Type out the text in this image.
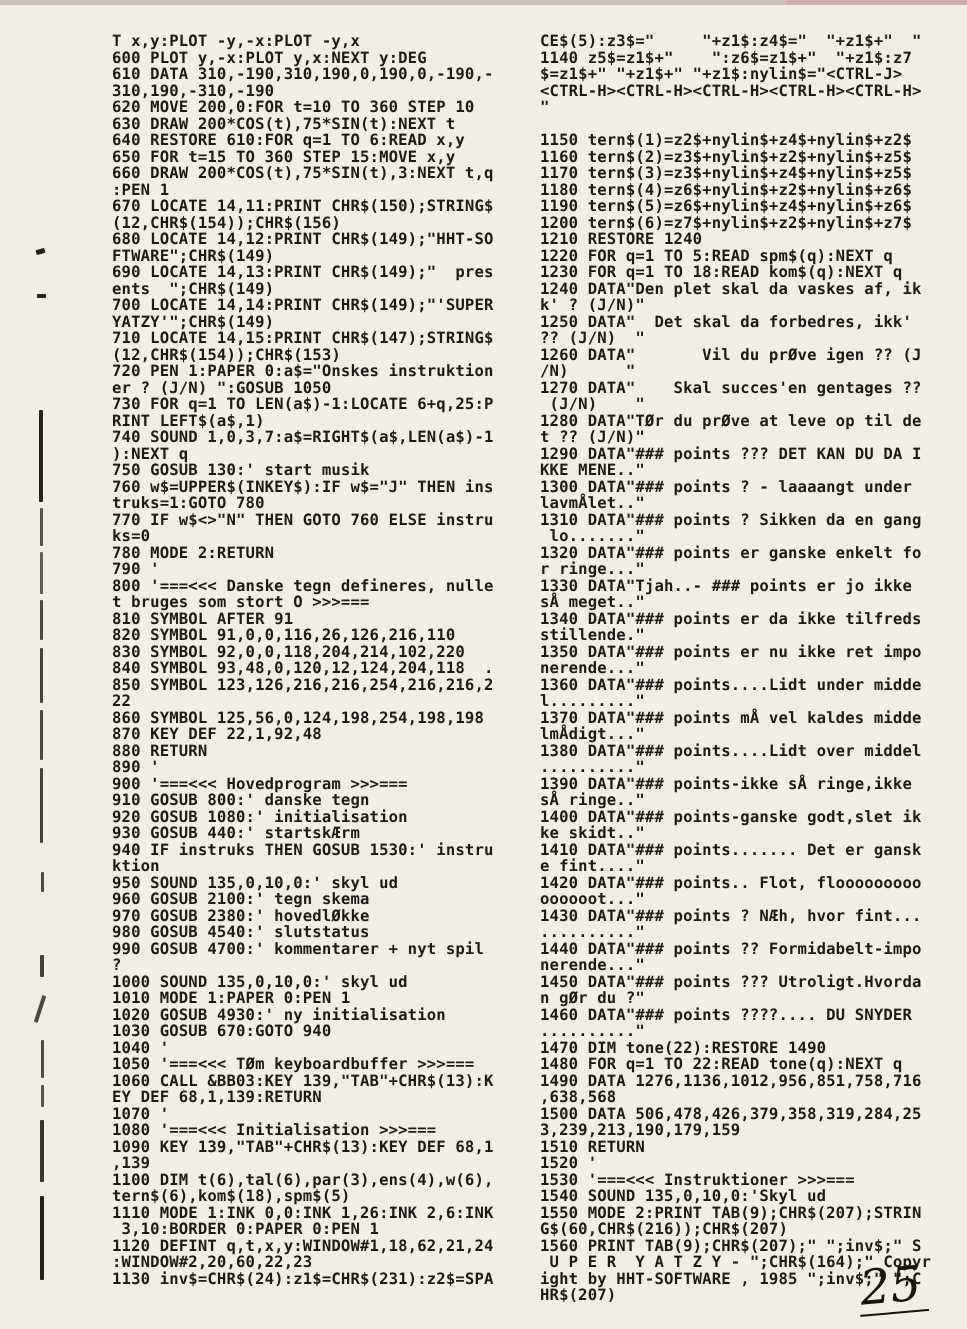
T x,y:PLOT -y,-x:PLOT -y,x
600 PLOT y,-x:PLOT y,x:NEXT y:DEG
610 DATA 310,-190,310,190,0,190,0,-190,-
310,190,-310,-190
620 MOVE 200,0:FOR t=10 TO 360 STEP 10
630 DRAW 200*COS(t),75*SIN(t):NEXT t
640 RESTORE 610:FOR q=1 TO 6:READ x,y
650 FOR t=15 TO 360 STEP 15:MOVE x,y
660 DRAW 200*COS(t),75*SIN(t),3:NEXT t,q
:PEN 1
670 LOCATE 14,11:PRINT CHR$(150);STRING$
(12,CHR$(154));CHR$(156)
680 LOCATE 14,12:PRINT CHR$(149);"HHT-SO
FTWARE";CHR$(149)
690 LOCATE 14,13:PRINT CHR$(149);"  pres
ents  ";CHR$(149)
700 LOCATE 14,14:PRINT CHR$(149);"'SUPER
YATZY'";CHR$(149)
710 LOCATE 14,15:PRINT CHR$(147);STRING$
(12,CHR$(154));CHR$(153)
720 PEN 1:PAPER 0:a$="Onskes instruktion
er ? (J/N) ":GOSUB 1050
730 FOR q=1 TO LEN(a$)-1:LOCATE 6+q,25:P
RINT LEFT$(a$,1)
740 SOUND 1,0,3,7:a$=RIGHT$(a$,LEN(a$)-1
):NEXT q
750 GOSUB 130:' start musik
760 w$=UPPER$(INKEY$):IF w$="J" THEN ins
truks=1:GOTO 780
770 IF w$<>"N" THEN GOTO 760 ELSE instru
ks=0
780 MODE 2:RETURN
790 '
800 '===<<< Danske tegn defineres, nulle
t bruges som stort O >>>===
810 SYMBOL AFTER 91
820 SYMBOL 91,0,0,116,26,126,216,110
830 SYMBOL 92,0,0,118,204,214,102,220
840 SYMBOL 93,48,0,120,12,124,204,118  .
850 SYMBOL 123,126,216,216,254,216,216,2
22
860 SYMBOL 125,56,0,124,198,254,198,198
870 KEY DEF 22,1,92,48
880 RETURN
890 '
900 '===<<< Hovedprogram >>>===
910 GOSUB 800:' danske tegn
920 GOSUB 1080:' initialisation
930 GOSUB 440:' startskÆrm
940 IF instruks THEN GOSUB 1530:' instru
ktion
950 SOUND 135,0,10,0:' skyl ud
960 GOSUB 2100:' tegn skema
970 GOSUB 2380:' hovedlØkke
980 GOSUB 4540:' slutstatus
990 GOSUB 4700:' kommentarer + nyt spil
?
1000 SOUND 135,0,10,0:' skyl ud
1010 MODE 1:PAPER 0:PEN 1
1020 GOSUB 4930:' ny initialisation
1030 GOSUB 670:GOTO 940
1040 '
1050 '===<<< TØm keyboardbuffer >>>===
1060 CALL &BB03:KEY 139,"TAB"+CHR$(13):K
EY DEF 68,1,139:RETURN
1070 '
1080 '===<<< Initialisation >>>===
1090 KEY 139,"TAB"+CHR$(13):KEY DEF 68,1
,139
1100 DIM t(6),tal(6),par(3),ens(4),w(6),
tern$(6),kom$(18),spm$(5)
1110 MODE 1:INK 0,0:INK 1,26:INK 2,6:INK
3,10:BORDER 0:PAPER 0:PEN 1
1120 DEFINT q,t,x,y:WINDOW#1,18,62,21,24
:WINDOW#2,20,60,22,23
1130 inv$=CHR$(24):z1$=CHR$(231):z2$=SPA
CE$(5):z3$="     "+z1$:z4$="  "+z1$+"  "
1140 z5$=z1$+"    ":z6$=z1$+"  "+z1$:z7
$=z1$+" "+z1$+" "+z1$:nylin$="<CTRL-J>
<CTRL-H><CTRL-H><CTRL-H><CTRL-H><CTRL-H>
"

1150 tern$(1)=z2$+nylin$+z4$+nylin$+z2$
1160 tern$(2)=z3$+nylin$+z2$+nylin$+z5$
1170 tern$(3)=z3$+nylin$+z4$+nylin$+z5$
1180 tern$(4)=z6$+nylin$+z2$+nylin$+z6$
1190 tern$(5)=z6$+nylin$+z4$+nylin$+z6$
1200 tern$(6)=z7$+nylin$+z2$+nylin$+z7$
1210 RESTORE 1240
1220 FOR q=1 TO 5:READ spm$(q):NEXT q
1230 FOR q=1 TO 18:READ kom$(q):NEXT q
1240 DATA"Den plet skal da vaskes af, ik
k' ? (J/N)"
1250 DATA"  Det skal da forbedres, ikk'
?? (J/N)  "
1260 DATA"       Vil du prØve igen ?? (J
/N)      "
1270 DATA"    Skal succes'en gentages ??
(J/N)    "
1280 DATA"TØr du prØve at leve op til de
t ?? (J/N)"
1290 DATA"### points ??? DET KAN DU DA I
KKE MENE.."
1300 DATA"### points ? - laaaangt under
lavmÅlet.."
1310 DATA"### points ? Sikken da en gang
lo......."
1320 DATA"### points er ganske enkelt fo
r ringe..."
1330 DATA"Tjah..- ### points er jo ikke
sÅ meget.."
1340 DATA"### points er da ikke tilfreds
stillende."
1350 DATA"### points er nu ikke ret impo
nerende..."
1360 DATA"### points....Lidt under midde
l........."
1370 DATA"### points mÅ vel kaldes midde
lmÅdigt..."
1380 DATA"### points....Lidt over middel
.........."
1390 DATA"### points-ikke sÅ ringe,ikke
sÅ ringe.."
1400 DATA"### points-ganske godt,slet ik
ke skidt.."
1410 DATA"### points....... Det er gansk
e fint...."
1420 DATA"### points.. Flot, flooooooooo
oooooot..."
1430 DATA"### points ? NÆh, hvor fint...
.........."
1440 DATA"### points ?? Formidabelt-impo
nerende..."
1450 DATA"### points ??? Utroligt.Hvorda
n gØr du ?"
1460 DATA"### points ????.... DU SNYDER
.........."
1470 DIM tone(22):RESTORE 1490
1480 FOR q=1 TO 22:READ tone(q):NEXT q
1490 DATA 1276,1136,1012,956,851,758,716
,638,568
1500 DATA 506,478,426,379,358,319,284,25
3,239,213,190,179,159
1510 RETURN
1520 '
1530 '===<<< Instruktioner >>>===
1540 SOUND 135,0,10,0:'Skyl ud
1550 MODE 2:PRINT TAB(9);CHR$(207);STRIN
G$(60,CHR$(216));CHR$(207)
1560 PRINT TAB(9);CHR$(207);" ";inv$;" S
U P E R  Y A T Z Y - ";CHR$(164);" Copyr
ight by HHT-SOFTWARE , 1985 ";inv$;" ";C
HR$(207)	25
